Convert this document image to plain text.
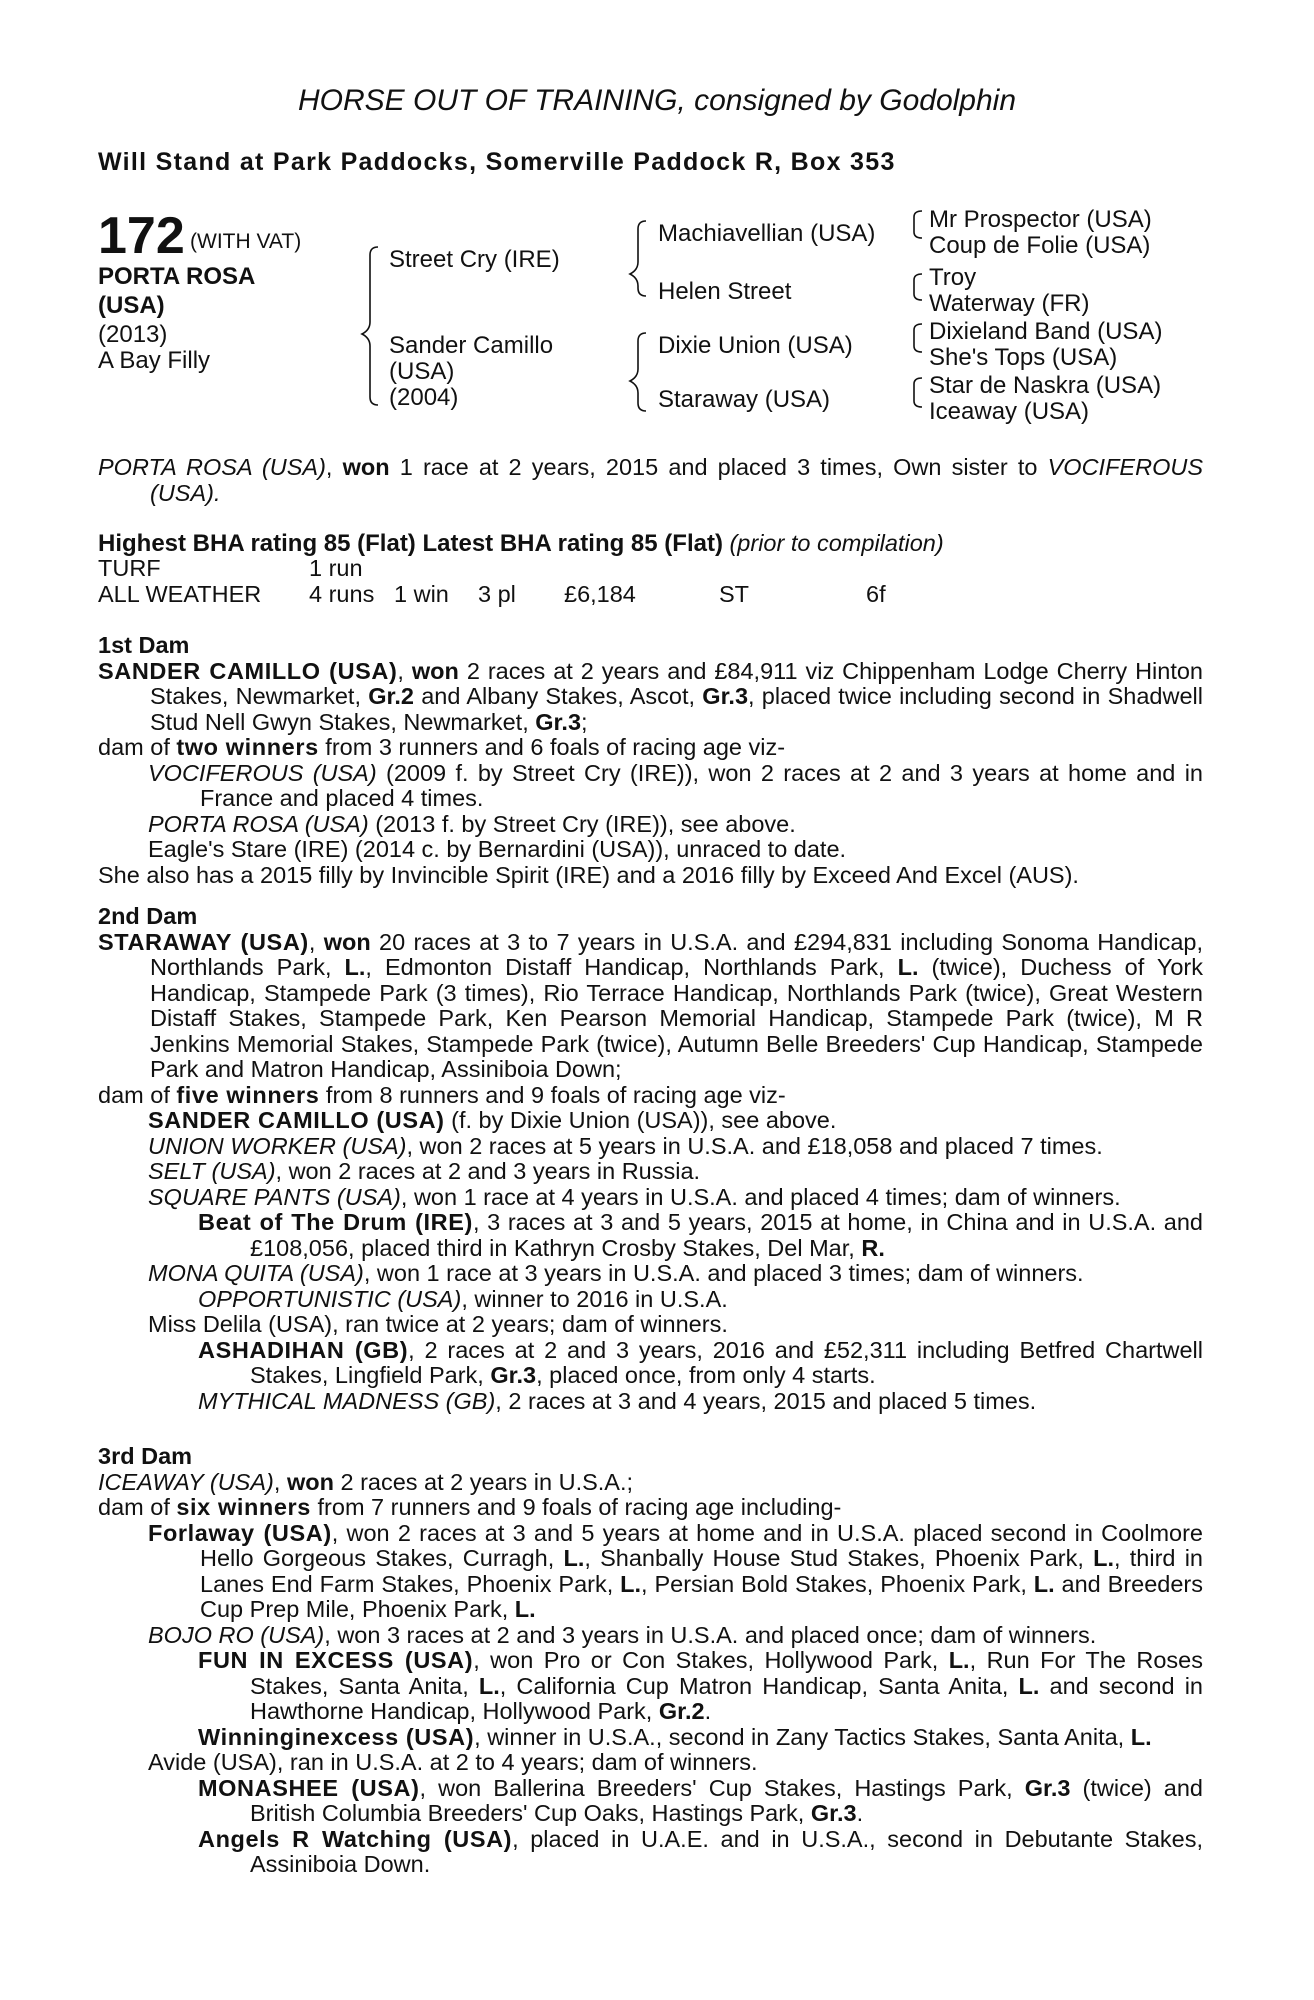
HORSE OUT OF TRAINING, consigned by Godolphin
Will Stand at Park Paddocks, Somerville Paddock R, Box 353
172 (WITH VAT)
PORTA ROSA
(USA)
(2013)
A Bay Filly
Street Cry (IRE)
Sander Camillo
(USA)
(2004)
Machiavellian (USA)
Helen Street
Dixie Union (USA)
Staraway (USA)
Mr Prospector (USA)
Coup de Folie (USA)
Troy
Waterway (FR)
Dixieland Band (USA)
She's Tops (USA)
Star de Naskra (USA)
Iceaway (USA)

PORTA ROSA (USA), won 1 race at 2 years, 2015 and placed 3 times, Own sister to VOCIFEROUS (USA).

Highest BHA rating 85 (Flat) Latest BHA rating 85 (Flat) (prior to compilation)

TURF	1 run
ALL WEATHER 4 runs 1 win 3 pl £6,184	ST	6f

1st Dam

SANDER CAMILLO (USA), won 2 races at 2 years and £84,911 viz Chippenham Lodge Cherry Hinton Stakes, Newmarket, Gr.2 and Albany Stakes, Ascot, Gr.3, placed twice including second in Shadwell Stud Nell Gwyn Stakes, Newmarket, Gr.3;

dam of two winners from 3 runners and 6 foals of racing age viz-

VOCIFEROUS (USA) (2009 f. by Street Cry (IRE)), won 2 races at 2 and 3 years at home and in France and placed 4 times.

PORTA ROSA (USA) (2013 f. by Street Cry (IRE)), see above.

Eagle's Stare (IRE) (2014 c. by Bernardini (USA)), unraced to date.

She also has a 2015 filly by Invincible Spirit (IRE) and a 2016 filly by Exceed And Excel (AUS).

2nd Dam

STARAWAY (USA), won 20 races at 3 to 7 years in U.S.A. and £294,831 including Sonoma Handicap, Northlands Park, L., Edmonton Distaff Handicap, Northlands Park, L. (twice), Duchess of York Handicap, Stampede Park (3 times), Rio Terrace Handicap, Northlands Park (twice), Great Western Distaff Stakes, Stampede Park, Ken Pearson Memorial Handicap, Stampede Park (twice), M R Jenkins Memorial Stakes, Stampede Park (twice), Autumn Belle Breeders' Cup Handicap, Stampede Park and Matron Handicap, Assiniboia Down;

dam of five winners from 8 runners and 9 foals of racing age viz-

SANDER CAMILLO (USA) (f. by Dixie Union (USA)), see above.

UNION WORKER (USA), won 2 races at 5 years in U.S.A. and £18,058 and placed 7 times.

SELT (USA), won 2 races at 2 and 3 years in Russia.

SQUARE PANTS (USA), won 1 race at 4 years in U.S.A. and placed 4 times; dam of winners.

Beat of The Drum (IRE), 3 races at 3 and 5 years, 2015 at home, in China and in U.S.A. and £108,056, placed third in Kathryn Crosby Stakes, Del Mar, R.

MONA QUITA (USA), won 1 race at 3 years in U.S.A. and placed 3 times; dam of winners.

OPPORTUNISTIC (USA), winner to 2016 in U.S.A.

Miss Delila (USA), ran twice at 2 years; dam of winners.

ASHADIHAN (GB), 2 races at 2 and 3 years, 2016 and £52,311 including Betfred Chartwell Stakes, Lingfield Park, Gr.3, placed once, from only 4 starts.

MYTHICAL MADNESS (GB), 2 races at 3 and 4 years, 2015 and placed 5 times.

3rd Dam

ICEAWAY (USA), won 2 races at 2 years in U.S.A.;

dam of six winners from 7 runners and 9 foals of racing age including-

Forlaway (USA), won 2 races at 3 and 5 years at home and in U.S.A. placed second in Coolmore Hello Gorgeous Stakes, Curragh, L., Shanbally House Stud Stakes, Phoenix Park, L., third in Lanes End Farm Stakes, Phoenix Park, L., Persian Bold Stakes, Phoenix Park, L. and Breeders Cup Prep Mile, Phoenix Park, L.

BOJO RO (USA), won 3 races at 2 and 3 years in U.S.A. and placed once; dam of winners.

FUN IN EXCESS (USA), won Pro or Con Stakes, Hollywood Park, L., Run For The Roses Stakes, Santa Anita, L., California Cup Matron Handicap, Santa Anita, L. and second in Hawthorne Handicap, Hollywood Park, Gr.2.

Winninginexcess (USA), winner in U.S.A., second in Zany Tactics Stakes, Santa Anita, L.

Avide (USA), ran in U.S.A. at 2 to 4 years; dam of winners.

MONASHEE (USA), won Ballerina Breeders' Cup Stakes, Hastings Park, Gr.3 (twice) and British Columbia Breeders' Cup Oaks, Hastings Park, Gr.3.

Angels R Watching (USA), placed in U.A.E. and in U.S.A., second in Debutante Stakes, Assiniboia Down.
